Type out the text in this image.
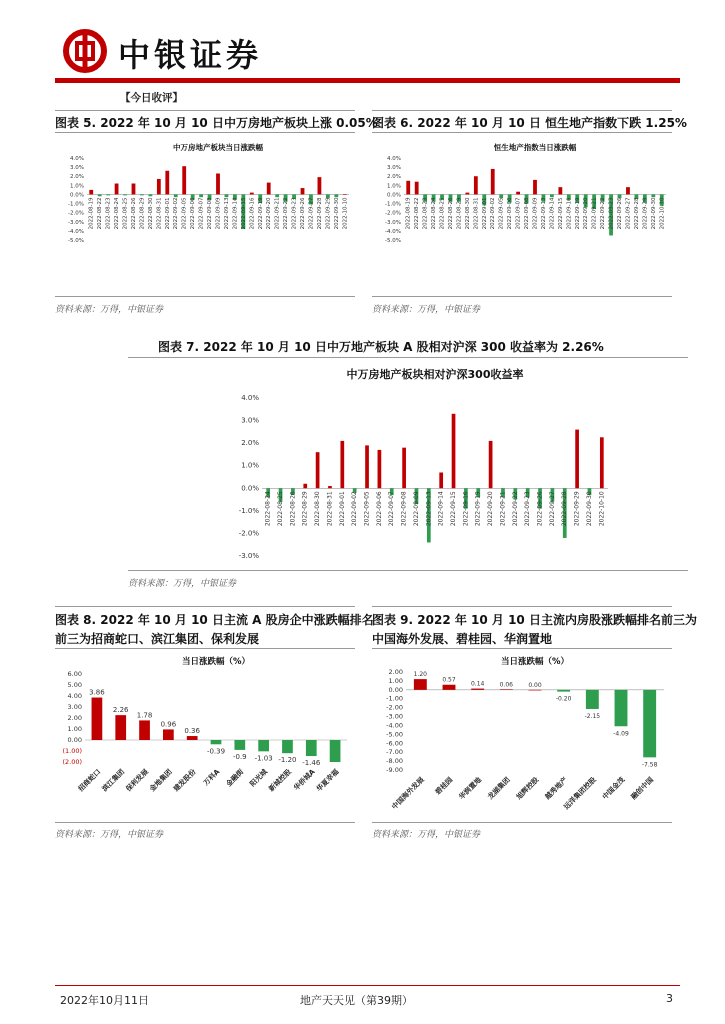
中银证券
【今日收评】
图表 5. 2022 年 10 月 10 日中万房地产板块上涨 0.05%
中万房地产板块当日涨跌幅
4.0%
3.0%
2.0%
1.0%
0.0%
-1.0%
-2.0%
-3.0%
-4.0%
-5.0%
2022-08-19 2022-08-22 2022-08-23 2022-08-24 2022-08-25 2022-08-26 2022-08-29 2022-08-30 2022-08-31 2022-09-01 2022-09-02 2022-09-05 2022-09-06 2022-09-07 2022-09-08 2022-09-09 2022-09-13 2022-09-14 2022-09-15 2022-09-16 2022-09-19 2022-09-20 2022-09-21 2022-09-22 2022-09-23 2022-09-26 2022-09-27 2022-09-28 2022-09-29 2022-09-30 2022-10-10
资料来源：万得，中银证券
图表 6. 2022 年 10 月 10 日 恒生地产指数下跌 1.25%
恒生地产指数当日涨跌幅
4.0%
3.0%
2.0%
1.0%
0.0%
-1.0%
-2.0%
-3.0%
-4.0%
-5.0%
2022-08-19 2022-08-22 2022-08-23 2022-08-24 2022-08-25 2022-08-26 2022-08-29 2022-08-30 2022-08-31 2022-09-01 2022-09-02 2022-09-05 2022-09-06 2022-09-07 2022-09-08 2022-09-09 2022-09-13 2022-09-14 2022-09-15 2022-09-16 2022-09-19 2022-09-20 2022-09-21 2022-09-22 2022-09-23 2022-09-26 2022-09-27 2022-09-28 2022-09-29 2022-09-30 2022-10-10
资料来源：万得，中银证券
图表 7. 2022 年 10 月 10 日中万地产板块 A 股相对沪深 300 收益率为 2.26%
中万房地产板块相对沪深300收益率
4.0%
3.0%
2.0%
1.0%
0.0%
-1.0%
-2.0%
-3.0%
2022-08-24 2022-08-25 2022-08-26 2022-08-29 2022-08-30 2022-08-31 2022-09-01 2022-09-02 2022-09-05 2022-09-06 2022-09-07 2022-09-08 2022-09-09 2022-09-13 2022-09-14 2022-09-15 2022-09-16 2022-09-19 2022-09-20 2022-09-21 2022-09-22 2022-09-23 2022-09-26 2022-09-27 2022-09-28 2022-09-29 2022-09-30 2022-10-10
资料来源：万得，中银证券
图表 8. 2022 年 10 月 10 日主流 A 股房企中涨跌幅排名
前三为招商蛇口、滨江集团、保利发展
当日涨跌幅（%）
6.00
5.00
4.00
3.00
2.00
1.00
0.00
(1.00)
(2.00)
3.86
招商蛇口
2.26
滨江集团
1.78
保利发展
0.96
金地集团
0.36
建发股份
-0.39
万科A
-0.9
金融街
-1.03
阳光城
-1.20
新城控股
-1.46
华侨城A
华夏幸福
资料来源：万得，中银证券
图表 9. 2022 年 10 月 10 日主流内房股涨跌幅排名前三为
中国海外发展、碧桂园、华润置地
当日涨跌幅（%）
2.00
1.00
0.00
-1.00
-2.00
-3.00
-4.00
-5.00
-6.00
-7.00
-8.00
-9.00
1.20
中国海外发展
0.57
碧桂园
0.14
华润置地
0.06
龙湖集团
0.00
旭辉控股
-0.20
越秀地产
-2.15
远洋集团控股
-4.09
中国金茂
-7.58
融创中国
资料来源：万得，中银证券
2022年10月11日	地产天天见（第39期）	3
